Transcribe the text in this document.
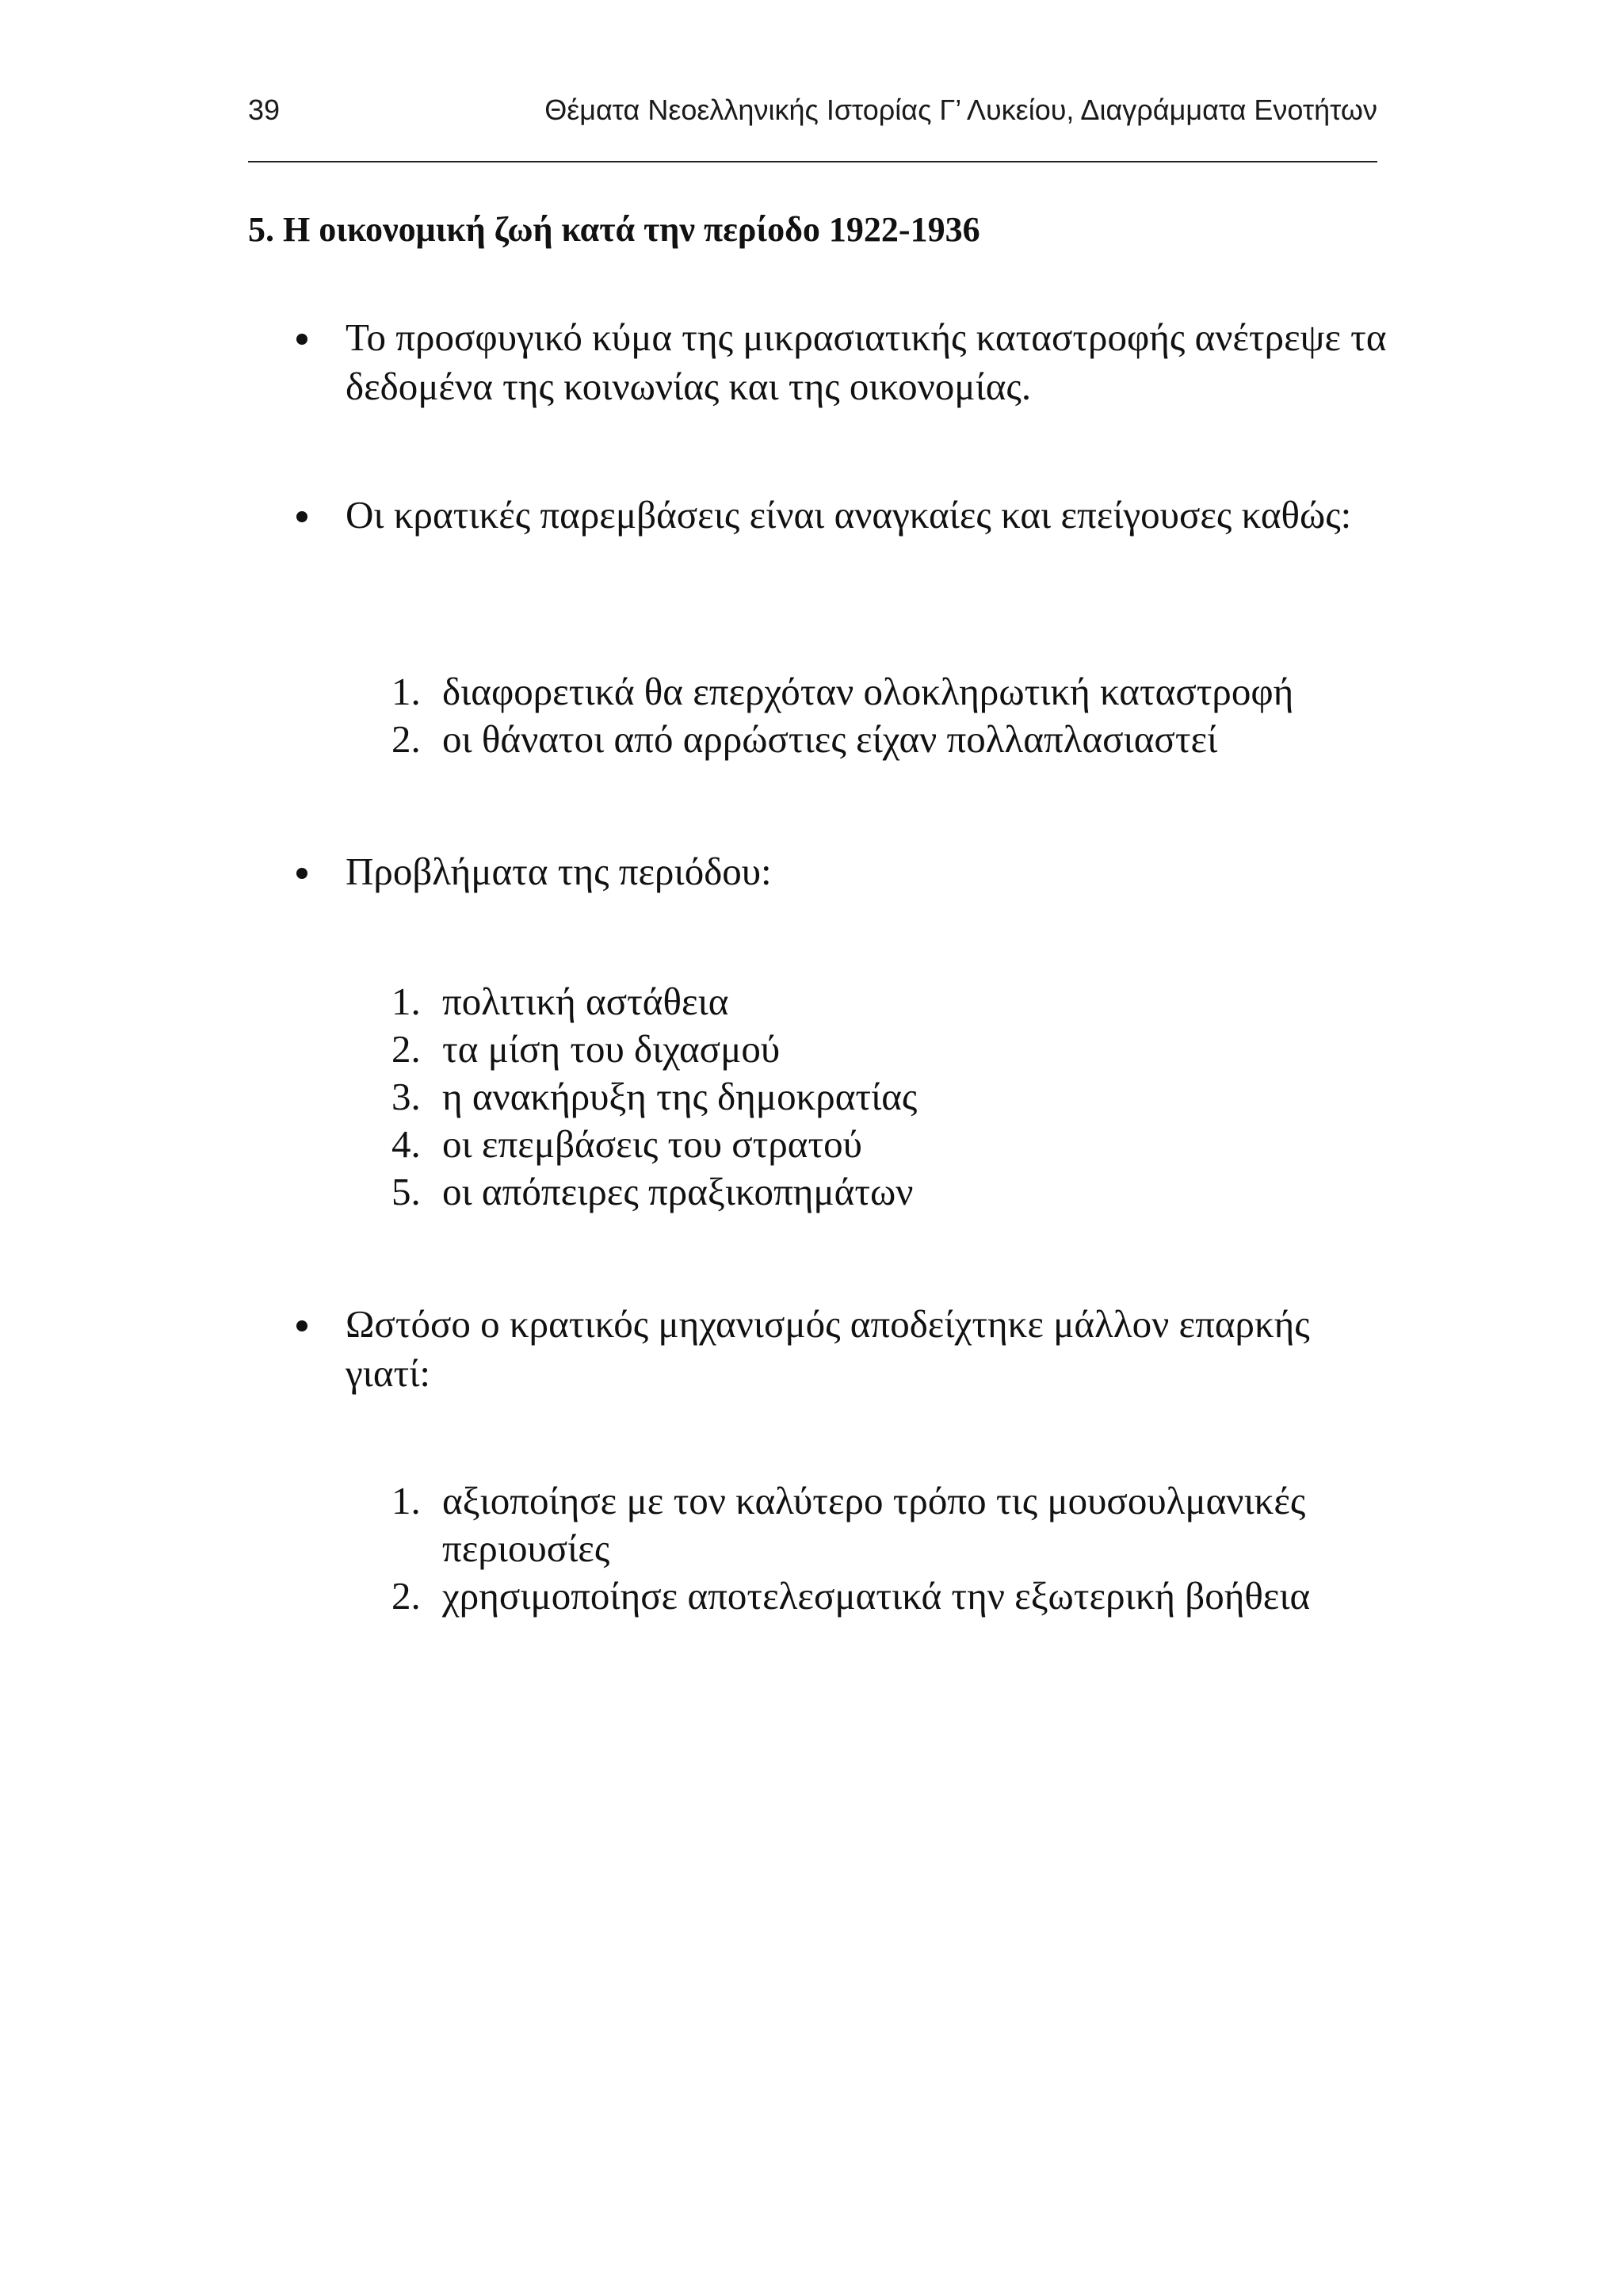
39	Θέματα Νεοελληνικής Ιστορίας Γ’ Λυκείου, Διαγράμματα Ενοτήτων
5. Η οικονομική ζωή κατά την περίοδο 1922-1936
Το προσφυγικό κύμα της μικρασιατικής καταστροφής ανέτρεψε τα δεδομένα της κοινωνίας και της οικονομίας.
Οι κρατικές παρεμβάσεις είναι αναγκαίες και επείγουσες καθώς:
1. διαφορετικά θα επερχόταν ολοκληρωτική καταστροφή
2. οι θάνατοι από αρρώστιες είχαν πολλαπλασιαστεί
Προβλήματα της περιόδου:
1. πολιτική αστάθεια
2. τα μίση του διχασμού
3. η ανακήρυξη της δημοκρατίας
4. οι επεμβάσεις του στρατού
5. οι απόπειρες πραξικοπημάτων
Ωστόσο ο κρατικός μηχανισμός αποδείχτηκε μάλλον επαρκής γιατί:
1. αξιοποίησε με τον καλύτερο τρόπο τις μουσουλμανικές περιουσίες
2. χρησιμοποίησε αποτελεσματικά την εξωτερική βοήθεια
